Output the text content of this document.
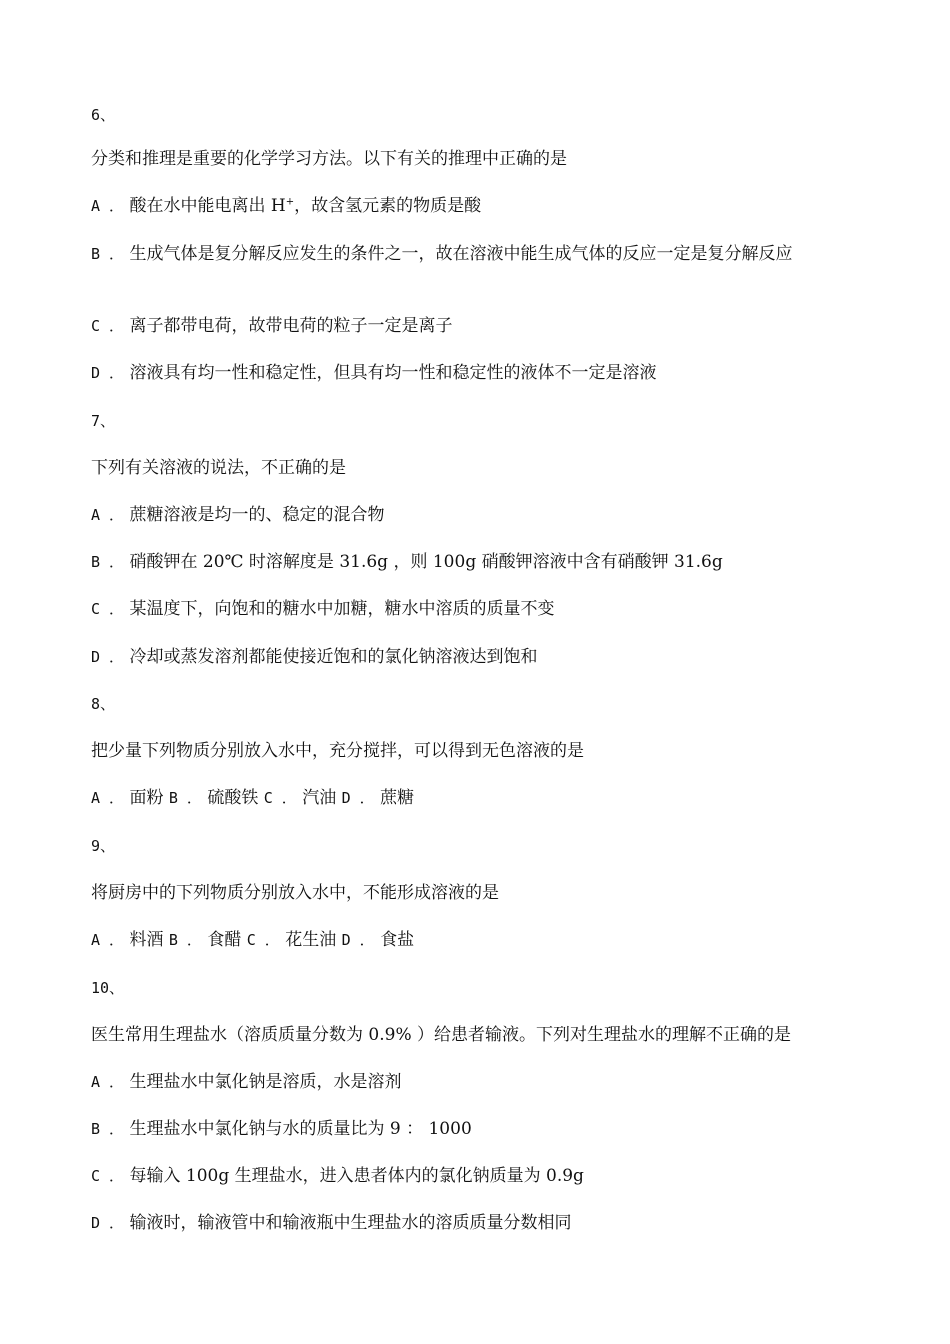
6、
分类和推理是重要的化学学习方法。以下有关的推理中正确的是
A ． 酸在水中能电离出 H+，故含氢元素的物质是酸
B ． 生成气体是复分解反应发生的条件之一，故在溶液中能生成气体的反应一定是复分解反应
C ． 离子都带电荷，故带电荷的粒子一定是离子
D ． 溶液具有均一性和稳定性，但具有均一性和稳定性的液体不一定是溶液
7、
下列有关溶液的说法，不正确的是
A ． 蔗糖溶液是均一的、稳定的混合物
B ． 硝酸钾在 20℃ 时溶解度是 31.6g ，则 100g 硝酸钾溶液中含有硝酸钾 31.6g
C ． 某温度下，向饱和的糖水中加糖，糖水中溶质的质量不变
D ． 冷却或蒸发溶剂都能使接近饱和的氯化钠溶液达到饱和
8、
把少量下列物质分别放入水中，充分搅拌，可以得到无色溶液的是
A ． 面粉 B ． 硫酸铁 C ． 汽油 D ． 蔗糖
9、
将厨房中的下列物质分别放入水中，不能形成溶液的是
A ． 料酒 B ． 食醋 C ． 花生油 D ． 食盐
10、
医生常用生理盐水（溶质质量分数为 0.9% ）给患者输液。下列对生理盐水的理解不正确的是
A ． 生理盐水中氯化钠是溶质，水是溶剂
B ． 生理盐水中氯化钠与水的质量比为 9 ： 1000
C ． 每输入 100g 生理盐水，进入患者体内的氯化钠质量为 0.9g
D ． 输液时，输液管中和输液瓶中生理盐水的溶质质量分数相同
